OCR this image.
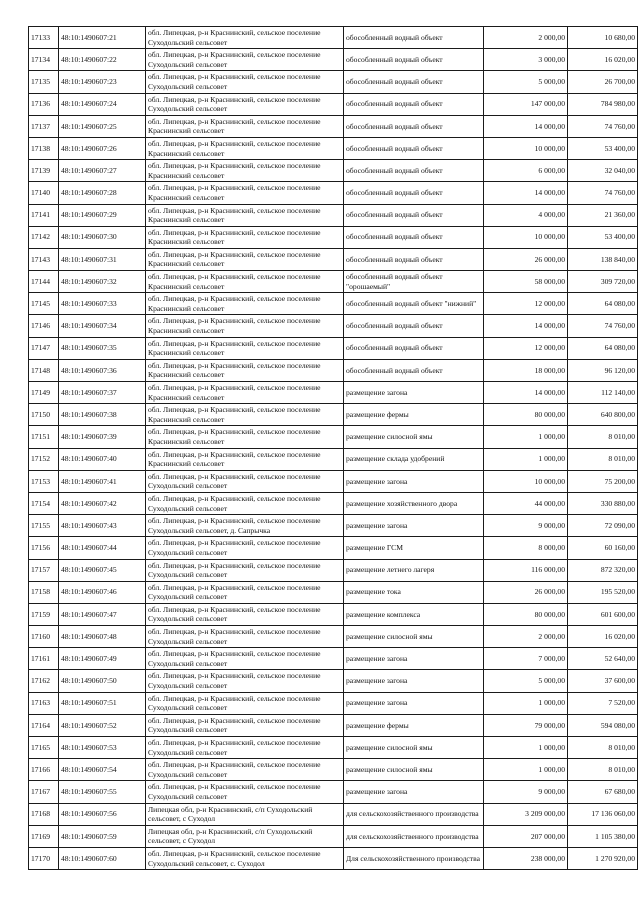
17133	48:10:1490607:21	обл. Липецкая, р-н Краснинский, сельское поселение Суходольский сельсовет	обособленный водный объект	2 000,00	10 680,00
17134	48:10:1490607:22	обл. Липецкая, р-н Краснинский, сельское поселение Суходольский сельсовет	обособленный водный объект	3 000,00	16 020,00
17135	48:10:1490607:23	обл. Липецкая, р-н Краснинский, сельское поселение Суходольский сельсовет	обособленный водный объект	5 000,00	26 700,00
17136	48:10:1490607:24	обл. Липецкая, р-н Краснинский, сельское поселение Суходольский сельсовет	обособленный водный объект	147 000,00	784 980,00
17137	48:10:1490607:25	обл. Липецкая, р-н Краснинский, сельское поселение Краснинский сельсовет	обособленный водный объект	14 000,00	74 760,00
17138	48:10:1490607:26	обл. Липецкая, р-н Краснинский, сельское поселение Краснинский сельсовет	обособленный водный объект	10 000,00	53 400,00
17139	48:10:1490607:27	обл. Липецкая, р-н Краснинский, сельское поселение Краснинский сельсовет	обособленный водный объект	6 000,00	32 040,00
17140	48:10:1490607:28	обл. Липецкая, р-н Краснинский, сельское поселение Краснинский сельсовет	обособленный водный объект	14 000,00	74 760,00
17141	48:10:1490607:29	обл. Липецкая, р-н Краснинский, сельское поселение Краснинский сельсовет	обособленный водный объект	4 000,00	21 360,00
17142	48:10:1490607:30	обл. Липецкая, р-н Краснинский, сельское поселение Краснинский сельсовет	обособленный водный объект	10 000,00	53 400,00
17143	48:10:1490607:31	обл. Липецкая, р-н Краснинский, сельское поселение Краснинский сельсовет	обособленный водный объект	26 000,00	138 840,00
17144	48:10:1490607:32	обл. Липецкая, р-н Краснинский, сельское поселение Краснинский сельсовет	обособленный водный объект "орошаемый"	58 000,00	309 720,00
17145	48:10:1490607:33	обл. Липецкая, р-н Краснинский, сельское поселение Краснинский сельсовет	обособленный водный объект "нижний"	12 000,00	64 080,00
17146	48:10:1490607:34	обл. Липецкая, р-н Краснинский, сельское поселение Краснинский сельсовет	обособленный водный объект	14 000,00	74 760,00
17147	48:10:1490607:35	обл. Липецкая, р-н Краснинский, сельское поселение Краснинский сельсовет	обособленный водный объект	12 000,00	64 080,00
17148	48:10:1490607:36	обл. Липецкая, р-н Краснинский, сельское поселение Краснинский сельсовет	обособленный водный объект	18 000,00	96 120,00
17149	48:10:1490607:37	обл. Липецкая, р-н Краснинский, сельское поселение Краснинский сельсовет	размещение загона	14 000,00	112 140,00
17150	48:10:1490607:38	обл. Липецкая, р-н Краснинский, сельское поселение Краснинский сельсовет	размещение фермы	80 000,00	640 800,00
17151	48:10:1490607:39	обл. Липецкая, р-н Краснинский, сельское поселение Краснинский сельсовет	размещение силосной ямы	1 000,00	8 010,00
17152	48:10:1490607:40	обл. Липецкая, р-н Краснинский, сельское поселение Краснинский сельсовет	размещение склада удобрений	1 000,00	8 010,00
17153	48:10:1490607:41	обл. Липецкая, р-н Краснинский, сельское поселение Суходольский сельсовет	размещение загона	10 000,00	75 200,00
17154	48:10:1490607:42	обл. Липецкая, р-н Краснинский, сельское поселение Суходольский сельсовет	размещение хозяйственного двора	44 000,00	330 880,00
17155	48:10:1490607:43	обл. Липецкая, р-н Краснинский, сельское поселение Суходольский сельсовет, д. Сапрычка	размещение загона	9 000,00	72 090,00
17156	48:10:1490607:44	обл. Липецкая, р-н Краснинский, сельское поселение Суходольский сельсовет	размещение ГСМ	8 000,00	60 160,00
17157	48:10:1490607:45	обл. Липецкая, р-н Краснинский, сельское поселение Суходольский сельсовет	размещение летнего лагеря	116 000,00	872 320,00
17158	48:10:1490607:46	обл. Липецкая, р-н Краснинский, сельское поселение Суходольский сельсовет	размещение тока	26 000,00	195 520,00
17159	48:10:1490607:47	обл. Липецкая, р-н Краснинский, сельское поселение Суходольский сельсовет	размещение комплекса	80 000,00	601 600,00
17160	48:10:1490607:48	обл. Липецкая, р-н Краснинский, сельское поселение Суходольский сельсовет	размещение силосной ямы	2 000,00	16 020,00
17161	48:10:1490607:49	обл. Липецкая, р-н Краснинский, сельское поселение Суходольский сельсовет	размещение загона	7 000,00	52 640,00
17162	48:10:1490607:50	обл. Липецкая, р-н Краснинский, сельское поселение Суходольский сельсовет	размещение загона	5 000,00	37 600,00
17163	48:10:1490607:51	обл. Липецкая, р-н Краснинский, сельское поселение Суходольский сельсовет	размещение загона	1 000,00	7 520,00
17164	48:10:1490607:52	обл. Липецкая, р-н Краснинский, сельское поселение Суходольский сельсовет	размещение фермы	79 000,00	594 080,00
17165	48:10:1490607:53	обл. Липецкая, р-н Краснинский, сельское поселение Суходольский сельсовет	размещение силосной ямы	1 000,00	8 010,00
17166	48:10:1490607:54	обл. Липецкая, р-н Краснинский, сельское поселение Суходольский сельсовет	размещение силосной ямы	1 000,00	8 010,00
17167	48:10:1490607:55	обл. Липецкая, р-н Краснинский, сельское поселение Суходольский сельсовет	размещение загона	9 000,00	67 680,00
17168	48:10:1490607:56	Липецкая обл, р-н Краснинский, с/п Суходольский сельсовет, с Суходол	для сельскохозяйственного производства	3 209 000,00	17 136 060,00
17169	48:10:1490607:59	Липецкая обл, р-н Краснинский, с/п Суходольский сельсовет, с Суходол	для сельскохозяйственного производства	207 000,00	1 105 380,00
17170	48:10:1490607:60	обл. Липецкая, р-н Краснинский, сельское поселение Суходольский сельсовет, с. Суходол	Для сельскохозяйственного производства	238 000,00	1 270 920,00
